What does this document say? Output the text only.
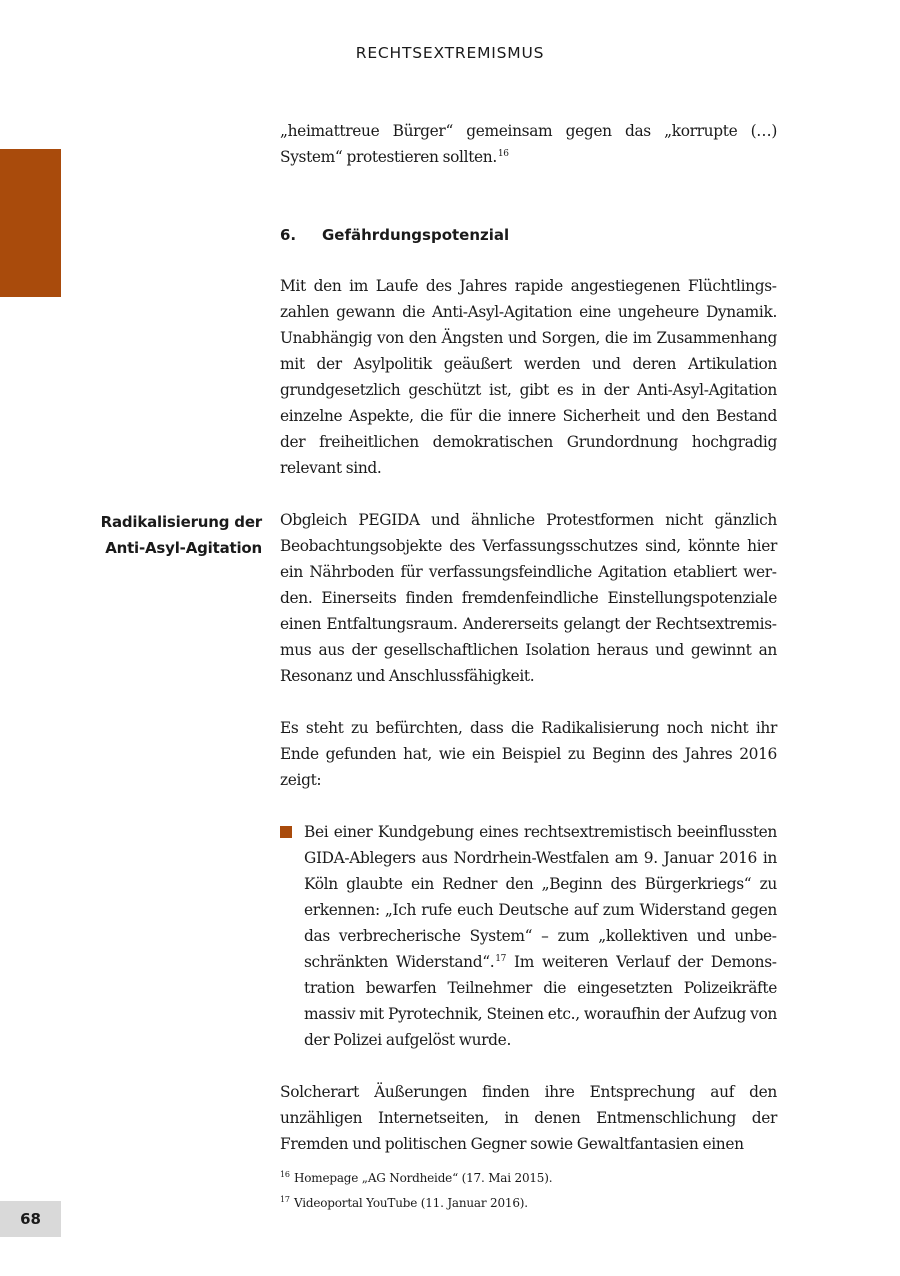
RECHTSEXTREMISMUS
Radikalisierung der
Anti-Asyl-Agitation

„heimattreue Bürger“ gemeinsam gegen das „korrupte (…) System“ protestieren sollten.$^{16}$

6. Gefährdungspotenzial

Mit den im Laufe des Jahres rapide angestiegenen Flüchtlingszahlen gewann die Anti-Asyl-Agitation eine ungeheure Dynamik. Unabhängig von den Ängsten und Sorgen, die im Zusammenhang mit der Asylpolitik geäußert werden und deren Artikulation grundgesetzlich geschützt ist, gibt es in der Anti-Asyl-Agitation einzelne Aspekte, die für die innere Sicherheit und den Bestand der freiheitlichen demokratischen Grundordnung hochgradig relevant sind.

Obgleich PEGIDA und ähnliche Protestformen nicht gänzlich Beobachtungsobjekte des Verfassungsschutzes sind, könnte hier ein Nährboden für verfassungsfeindliche Agitation etabliert werden. Einerseits finden fremdenfeindliche Einstellungspotenziale einen Entfaltungsraum. Andererseits gelangt der Rechtsextremismus aus der gesellschaftlichen Isolation heraus und gewinnt an Resonanz und Anschlussfähigkeit.

Es steht zu befürchten, dass die Radikalisierung noch nicht ihr Ende gefunden hat, wie ein Beispiel zu Beginn des Jahres 2016 zeigt:

Bei einer Kundgebung eines rechtsextremistisch beeinflussten GIDA-Ablegers aus Nordrhein-Westfalen am 9. Januar 2016 in Köln glaubte ein Redner den „Beginn des Bürgerkriegs“ zu erkennen: „Ich rufe euch Deutsche auf zum Widerstand gegen das verbrecherische System“ – zum „kollektiven und unbeschränkten Widerstand“.$^{17}$ Im weiteren Verlauf der Demonstration bewarfen Teilnehmer die eingesetzten Polizeikräfte massiv mit Pyrotechnik, Steinen etc., woraufhin der Aufzug von der Polizei aufgelöst wurde.

Solcherart Äußerungen finden ihre Entsprechung auf den unzähligen Internetseiten, in denen Entmenschlichung der Fremden und politischen Gegner sowie Gewaltfantasien einen

16 Homepage „AG Nordheide“ (17. Mai 2015).
17 Videoportal YouTube (11. Januar 2016).
68
